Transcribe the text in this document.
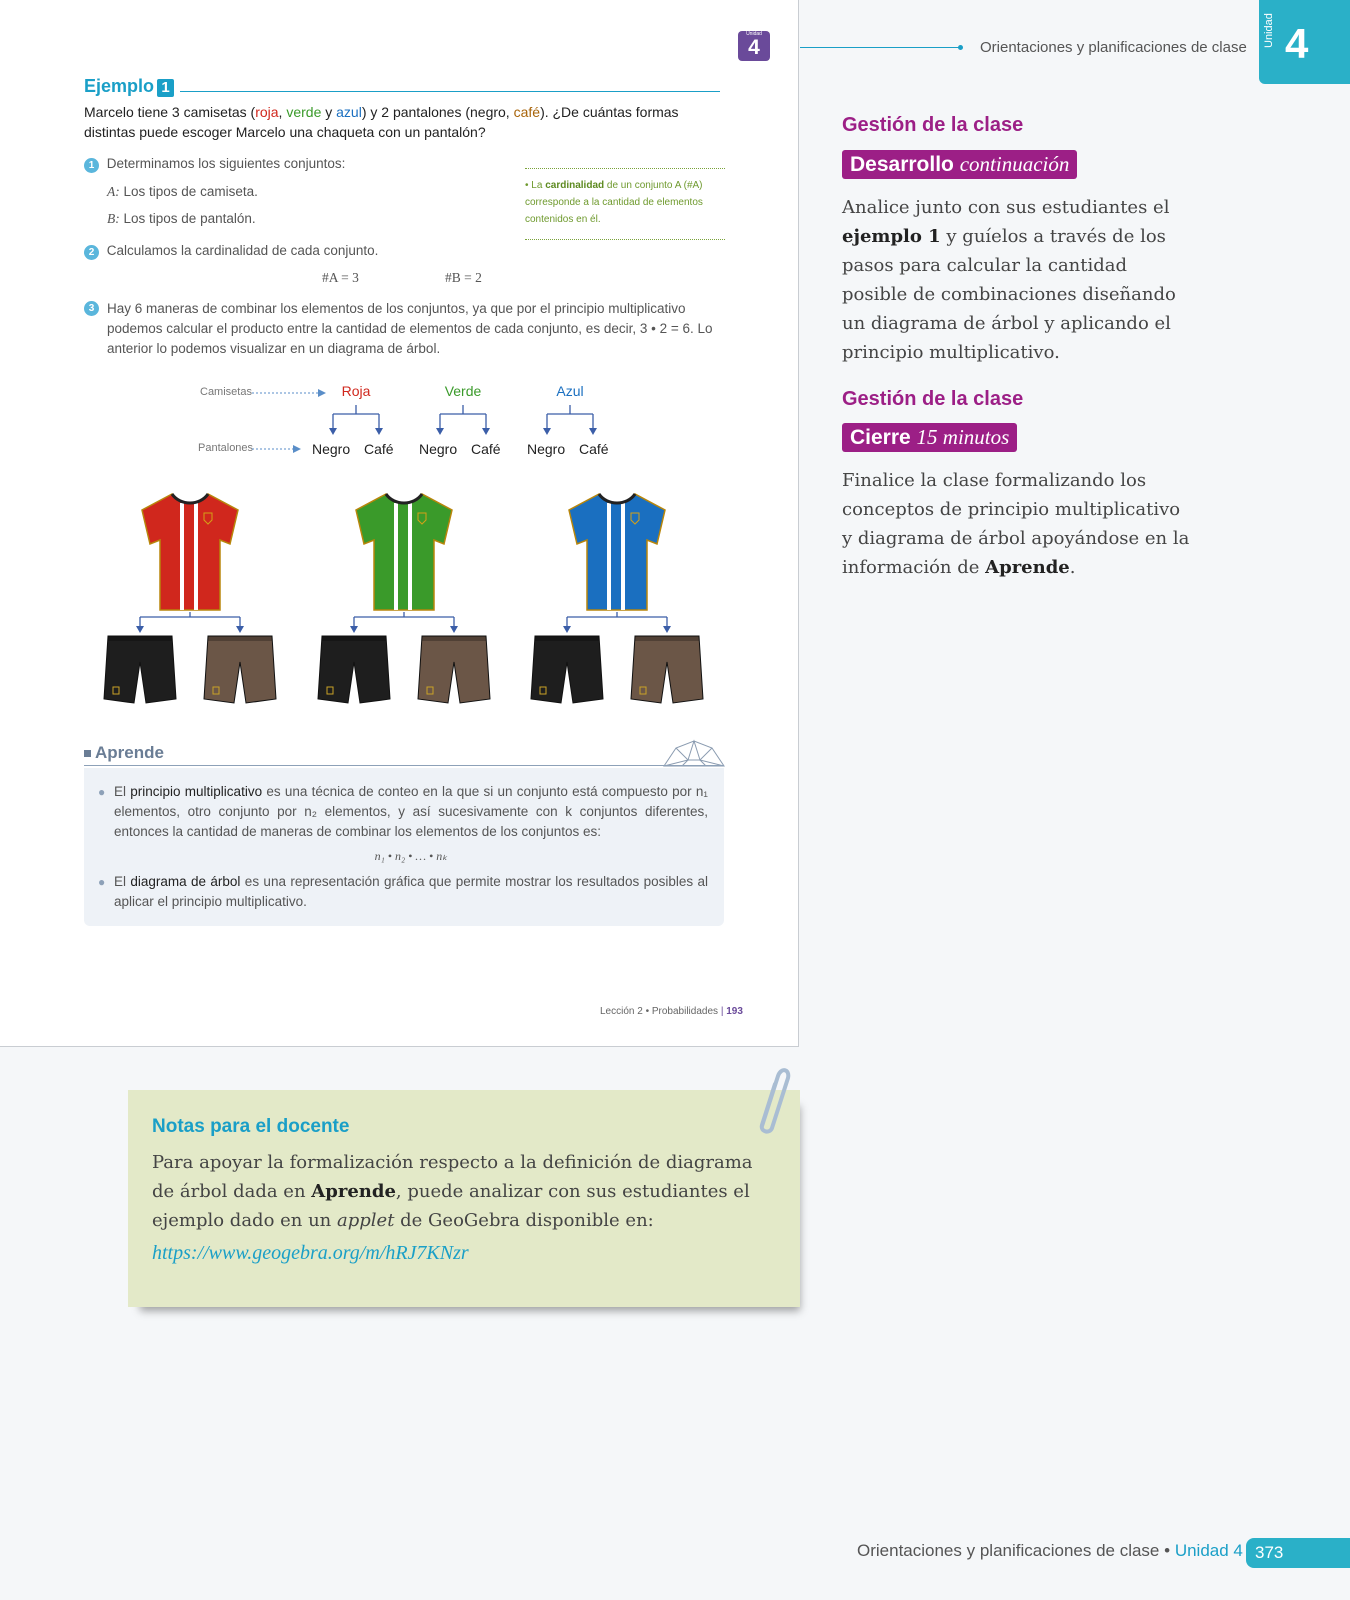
Unidad
4
Ejemplo 1
Marcelo tiene 3 camisetas (roja, verde y azul) y 2 pantalones (negro, café). ¿De cuántas formas distintas puede escoger Marcelo una chaqueta con un pantalón?
1 Determinamos los siguientes conjuntos:
A: Los tipos de camiseta.
B: Los tipos de pantalón.
• La cardinalidad de un conjunto A (#A) corresponde a la cantidad de elementos contenidos en él.
2 Calculamos la cardinalidad de cada conjunto.
#A = 3	#B = 2
3 Hay 6 maneras de combinar los elementos de los conjuntos, ya que por el principio multiplicativo podemos calcular el producto entre la cantidad de elementos de cada conjunto, es decir, 3 • 2 = 6. Lo anterior lo podemos visualizar en un diagrama de árbol.
Camisetas
Pantalones
Roja	Verde	Azul
Negro Café Negro Café Negro Café
Aprende
● El principio multiplicativo es una técnica de conteo en la que si un conjunto está compuesto por n₁ elementos, otro conjunto por n₂ elementos, y así sucesivamente con k conjuntos diferentes, entonces la cantidad de maneras de combinar los elementos de los conjuntos es:
n₁ • n₂ • … • nₖ
● El diagrama de árbol es una representación gráfica que permite mostrar los resultados posibles al aplicar el principio multiplicativo.
Lección 2 • Probabilidades | 193
Orientaciones y planificaciones de clase Unidad 4
Gestión de la clase
Desarrollo continuación
Analice junto con sus estudiantes el ejemplo 1 y guíelos a través de los pasos para calcular la cantidad posible de combinaciones diseñando un diagrama de árbol y aplicando el principio multiplicativo.
Gestión de la clase
Cierre 15 minutos
Finalice la clase formalizando los conceptos de principio multiplicativo y diagrama de árbol apoyándose en la información de Aprende.
Notas para el docente
Para apoyar la formalización respecto a la definición de diagrama de árbol dada en Aprende, puede analizar con sus estudiantes el ejemplo dado en un applet de GeoGebra disponible en:
https://www.geogebra.org/m/hRJ7KNzr
Orientaciones y planificaciones de clase • Unidad 4 373
